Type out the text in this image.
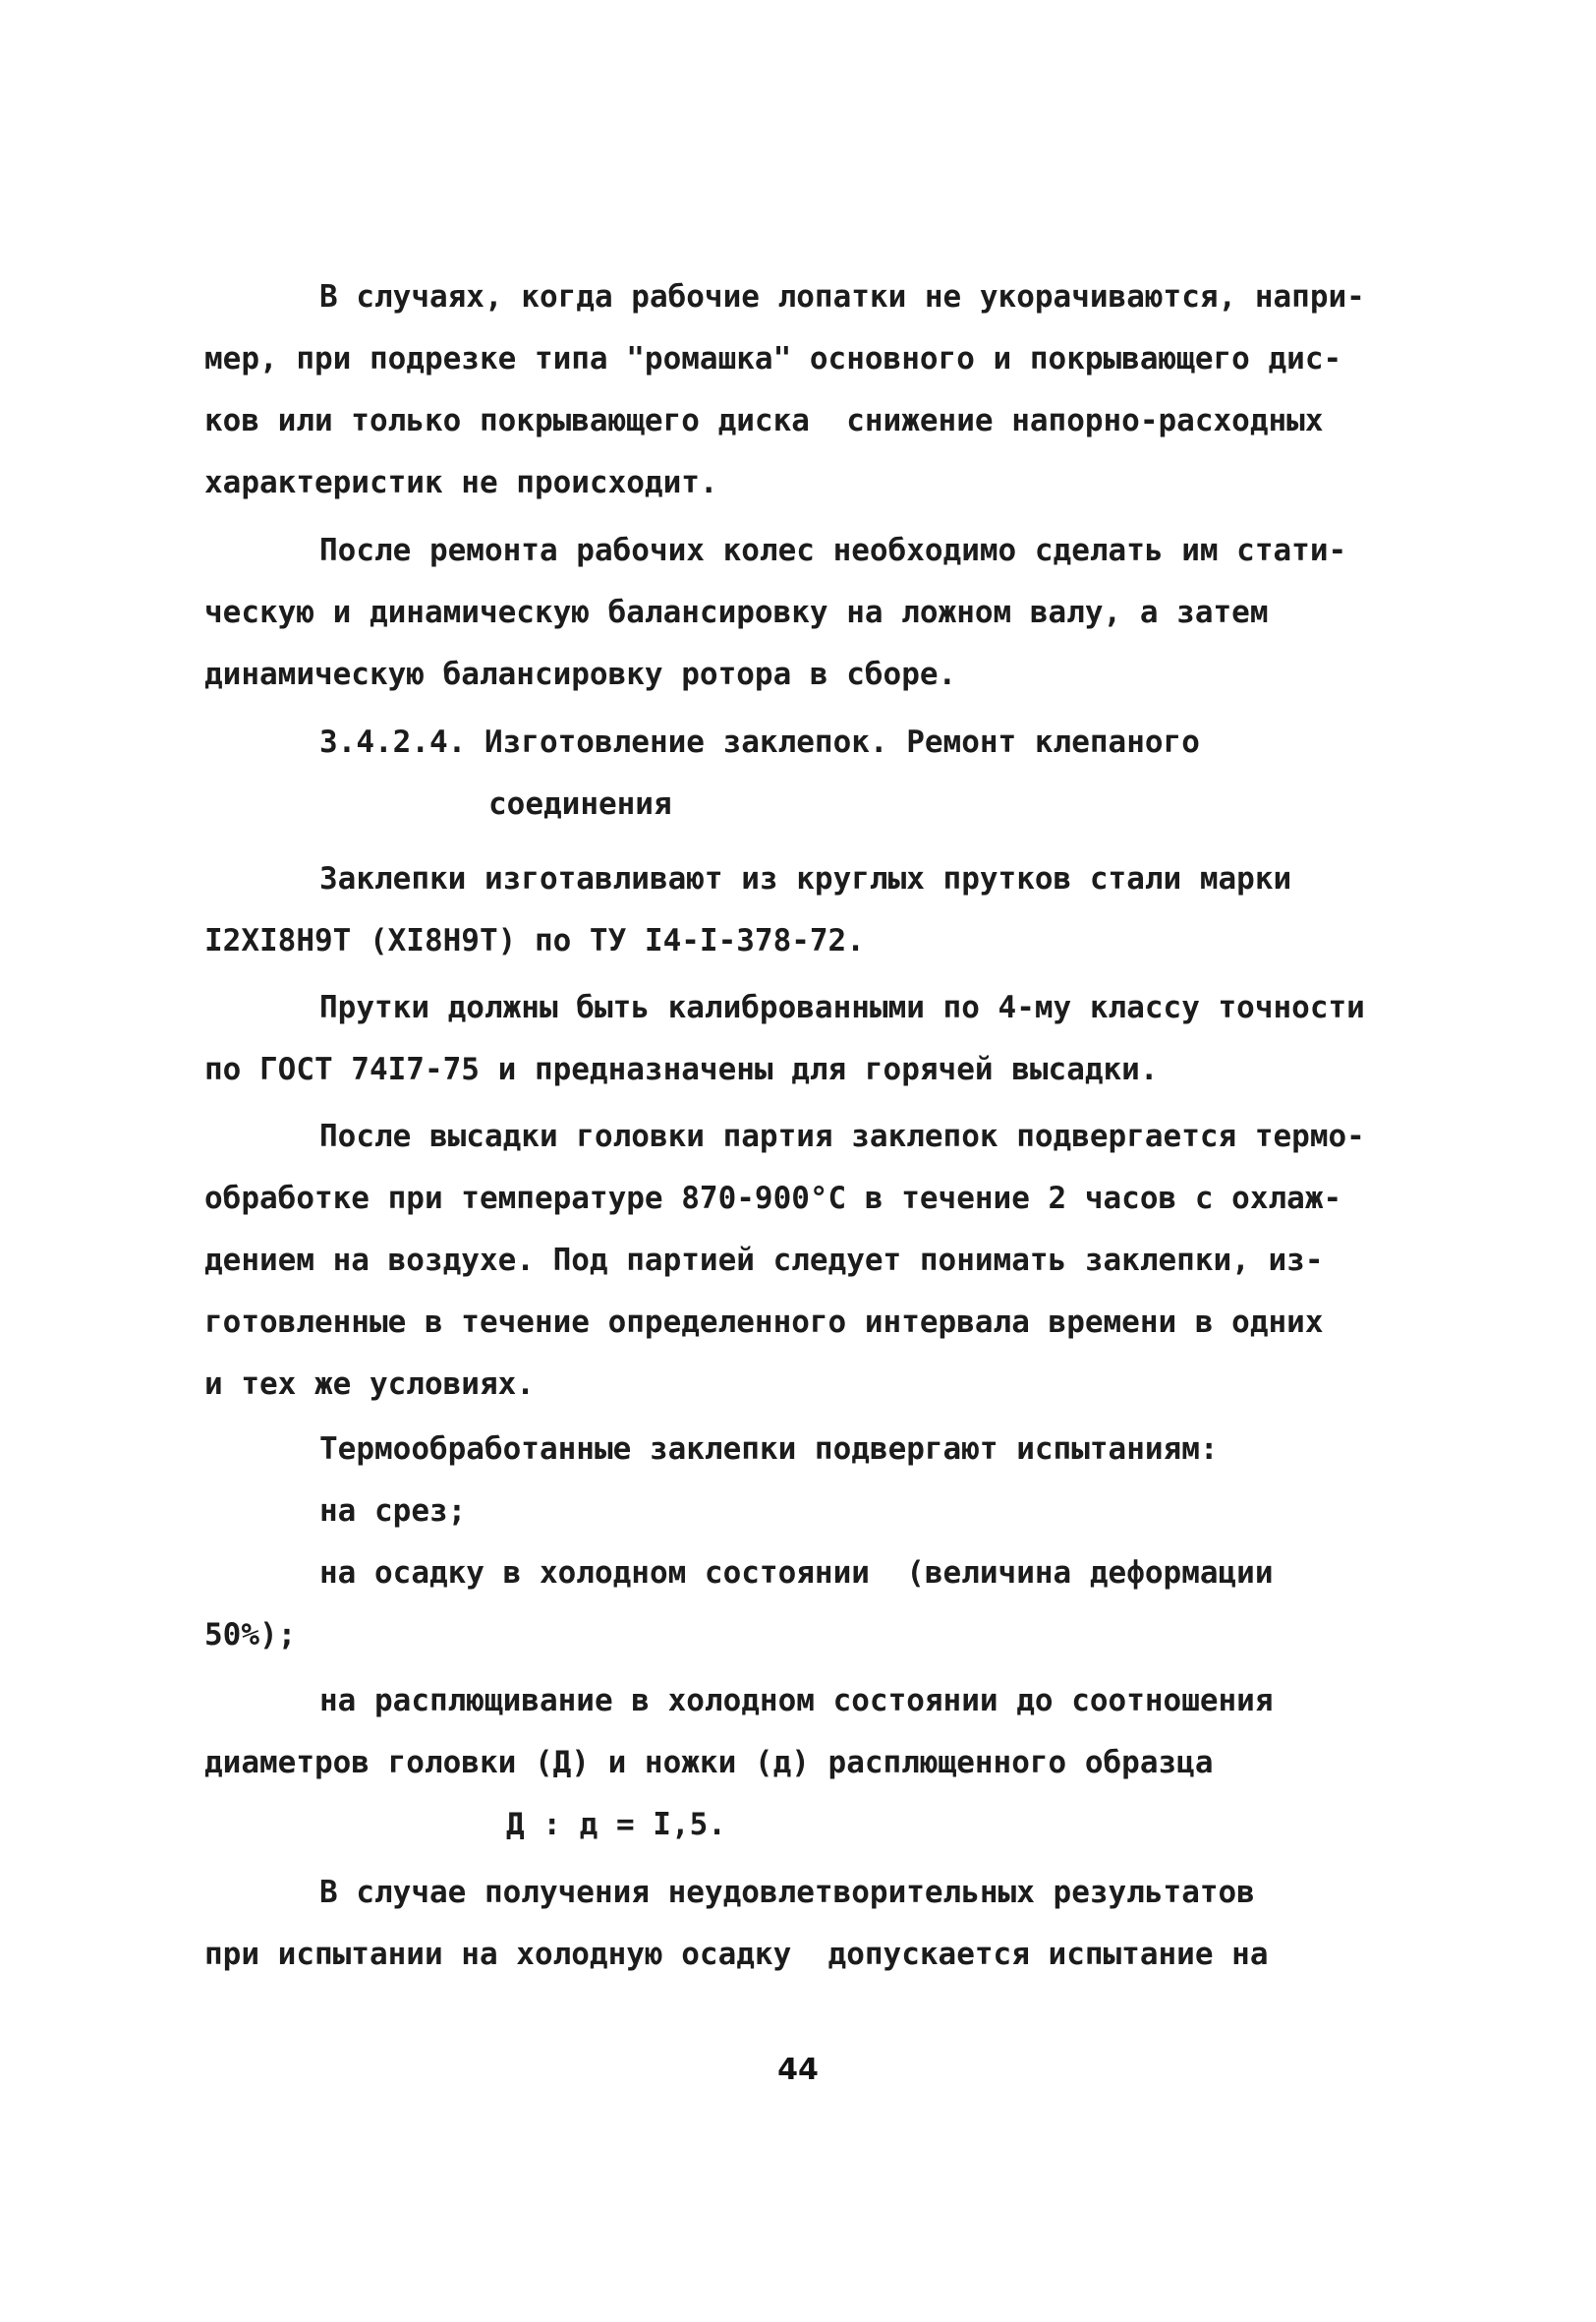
В случаях, когда рабочие лопатки не укорачиваются, напри-
мер, при подрезке типа "ромашка" основного и покрывающего дис-
ков или только покрывающего диска  снижение напорно-расходных
характеристик не происходит.
После ремонта рабочих колес необходимо сделать им стати-
ческую и динамическую балансировку на ложном валу, а затем
динамическую балансировку ротора в сборе.
3.4.2.4. Изготовление заклепок. Ремонт клепаного
соединения
Заклепки изготавливают из круглых прутков стали марки
I2XI8H9T (XI8H9T) по ТУ I4-I-378-72.
Прутки должны быть калиброванными по 4-му классу точности
по ГОСТ 74I7-75 и предназначены для горячей высадки.
После высадки головки партия заклепок подвергается термо-
обработке при температуре 870-900°С в течение 2 часов с охлаж-
дением на воздухе. Под партией следует понимать заклепки, из-
готовленные в течение определенного интервала времени в одних
и тех же условиях.
Термообработанные заклепки подвергают испытаниям:
на срез;
на осадку в холодном состоянии  (величина деформации
50%);
на расплющивание в холодном состоянии до соотношения
диаметров головки (Д) и ножки (д) расплющенного образца
Д : д = I,5.
В случае получения неудовлетворительных результатов
при испытании на холодную осадку  допускается испытание на
44
